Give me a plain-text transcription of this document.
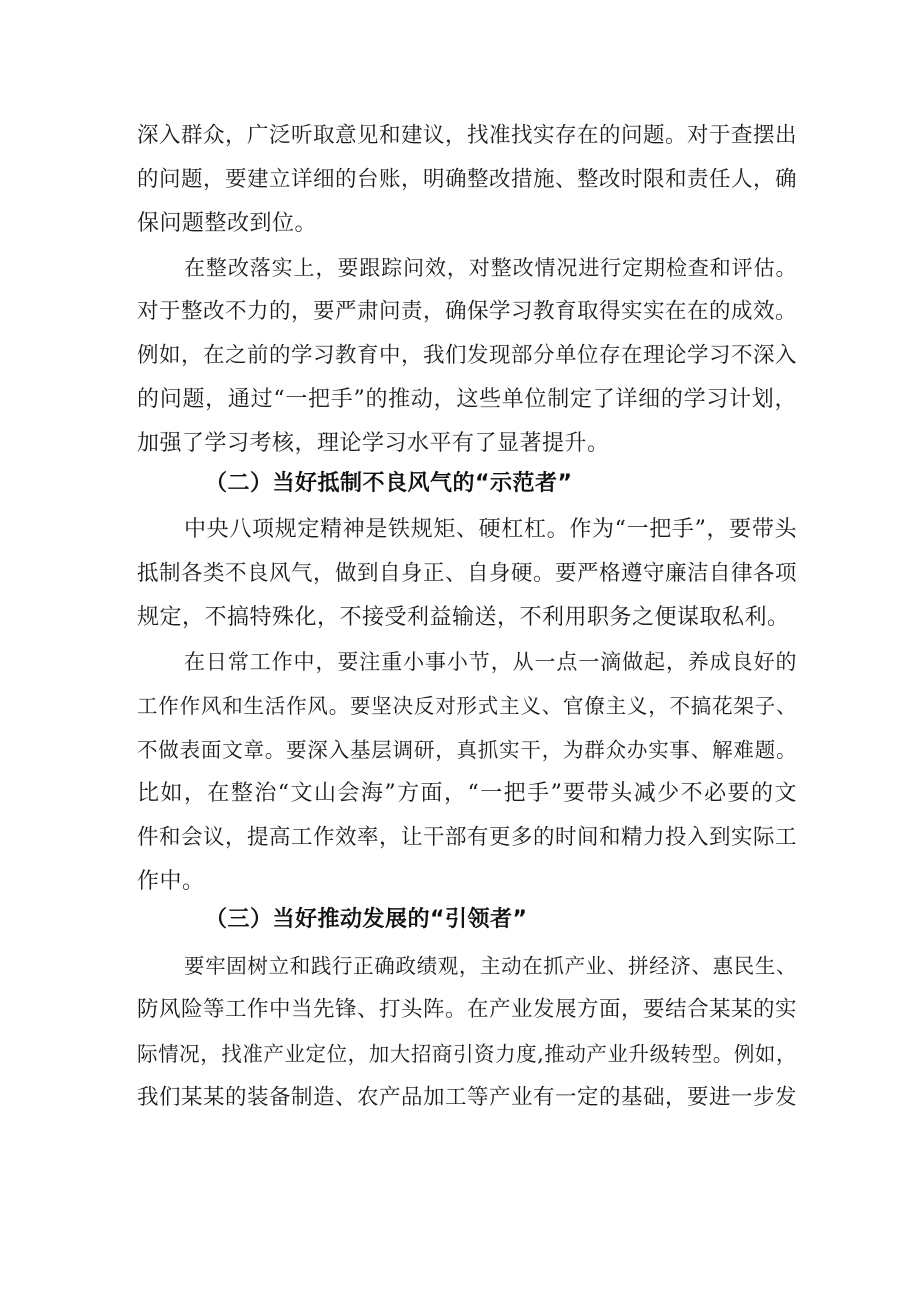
深入群众，广泛听取意见和建议，找准找实存在的问题。对于查摆出
的问题，要建立详细的台账，明确整改措施、整改时限和责任人，确
保问题整改到位。
在整改落实上，要跟踪问效，对整改情况进行定期检查和评估。
对于整改不力的，要严肃问责，确保学习教育取得实实在在的成效。
例如，在之前的学习教育中，我们发现部分单位存在理论学习不深入
的问题，通过“一把手”的推动，这些单位制定了详细的学习计划，
加强了学习考核，理论学习水平有了显著提升。
（二）当好抵制不良风气的“示范者”
中央八项规定精神是铁规矩、硬杠杠。作为“一把手”，要带头
抵制各类不良风气，做到自身正、自身硬。要严格遵守廉洁自律各项
规定，不搞特殊化，不接受利益输送，不利用职务之便谋取私利。
在日常工作中，要注重小事小节，从一点一滴做起，养成良好的
工作作风和生活作风。要坚决反对形式主义、官僚主义，不搞花架子、
不做表面文章。要深入基层调研，真抓实干，为群众办实事、解难题。
比如，在整治“文山会海”方面，“一把手”要带头减少不必要的文
件和会议，提高工作效率，让干部有更多的时间和精力投入到实际工
作中。
（三）当好推动发展的“引领者”
要牢固树立和践行正确政绩观，主动在抓产业、拼经济、惠民生、
防风险等工作中当先锋、打头阵。在产业发展方面，要结合某某的实
际情况，找准产业定位，加大招商引资力度,推动产业升级转型。例如，
我们某某的装备制造、农产品加工等产业有一定的基础，要进一步发
